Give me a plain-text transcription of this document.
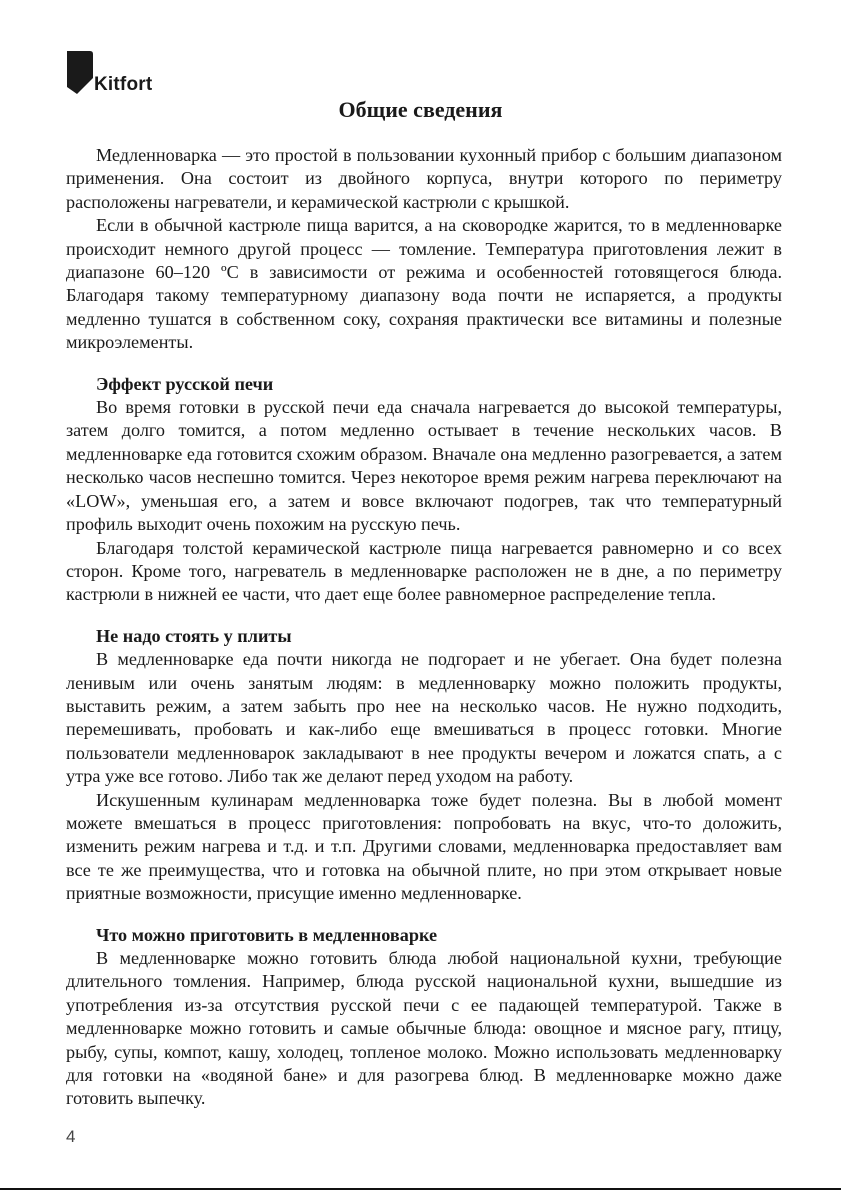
Kitfort
Общие сведения

Медленноварка — это простой в пользовании кухонный прибор с большим диапазоном применения. Она состоит из двойного корпуса, внутри которого по периметру расположены нагреватели, и керамической кастрюли с крышкой.

Если в обычной кастрюле пища варится, а на сковородке жарится, то в медленноварке происходит немного другой процесс — томление. Температура приготовления лежит в диапазоне 60–120 ºС в зависимости от режима и особенностей готовящегося блюда. Благодаря такому температурному диапазону вода почти не испаряется, а продукты медленно тушатся в собственном соку, сохраняя практически все витамины и полезные микроэлементы.

Эффект русской печи

Во время готовки в русской печи еда сначала нагревается до высокой температуры, затем долго томится, а потом медленно остывает в течение нескольких часов. В медленноварке еда готовится схожим образом. Вначале она медленно разогревается, а затем несколько часов неспешно томится. Через некоторое время режим нагрева переключают на «LOW», уменьшая его, а затем и вовсе включают подогрев, так что температурный профиль выходит очень похожим на русскую печь.

Благодаря толстой керамической кастрюле пища нагревается равномерно и со всех сторон. Кроме того, нагреватель в медленноварке расположен не в дне, а по периметру кастрюли в нижней ее части, что дает еще более равномерное распределение тепла.

Не надо стоять у плиты

В медленноварке еда почти никогда не подгорает и не убегает. Она будет полезна ленивым или очень занятым людям: в медленноварку можно положить продукты, выставить режим, а затем забыть про нее на несколько часов. Не нужно подходить, перемешивать, пробовать и как-либо еще вмешиваться в процесс готовки. Многие пользователи медленноварок закладывают в нее продукты вечером и ложатся спать, а с утра уже все готово. Либо так же делают перед уходом на работу.

Искушенным кулинарам медленноварка тоже будет полезна. Вы в любой момент можете вмешаться в процесс приготовления: попробовать на вкус, что-то доложить, изменить режим нагрева и т.д. и т.п. Другими словами, медленноварка предоставляет вам все те же преимущества, что и готовка на обычной плите, но при этом открывает новые приятные возможности, присущие именно медленноварке.

Что можно приготовить в медленноварке

В медленноварке можно готовить блюда любой национальной кухни, требующие длительного томления. Например, блюда русской национальной кухни, вышедшие из употребления из-за отсутствия русской печи с ее падающей температурой. Также в медленноварке можно готовить и самые обычные блюда: овощное и мясное рагу, птицу, рыбу, супы, компот, кашу, холодец, топленое молоко. Можно использовать медленноварку для готовки на «водяной бане» и для разогрева блюд. В медленноварке можно даже готовить выпечку.

4
